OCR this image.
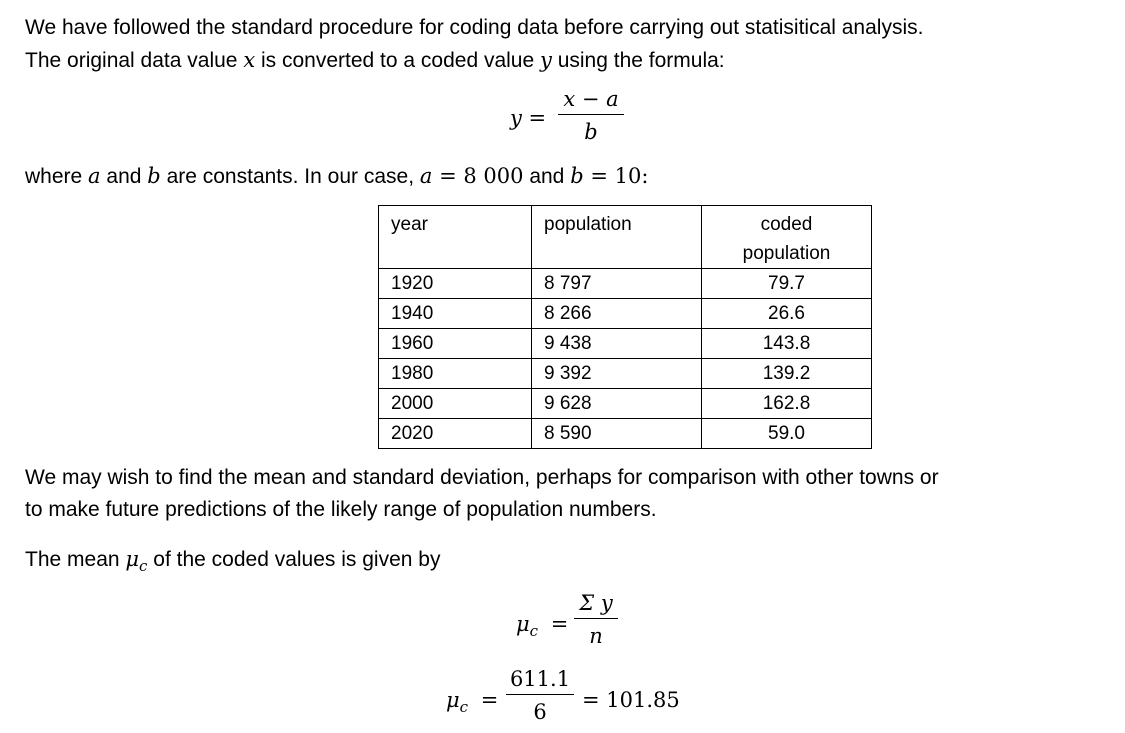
We have followed the standard procedure for coding data before carrying out statisitical analysis.
The original data value x is converted to a coded value y using the formula:
y =
x − a
b
where a and b are constants. In our case, a = 8 000 and b = 10:
year	population	coded
population
1920	8 797	79.7
1940	8 266	26.6
1960	9 438	143.8
1980	9 392	139.2
2000	9 628	162.8
2020	8 590	59.0
We may wish to find the mean and standard deviation, perhaps for comparison with other towns or
to make future predictions of the likely range of population numbers.
The mean $\mu_c$ of the coded values is given by
$\mu_c$ =
Σ y
n
$\mu_c$ =
611.1
6	= 101.85
